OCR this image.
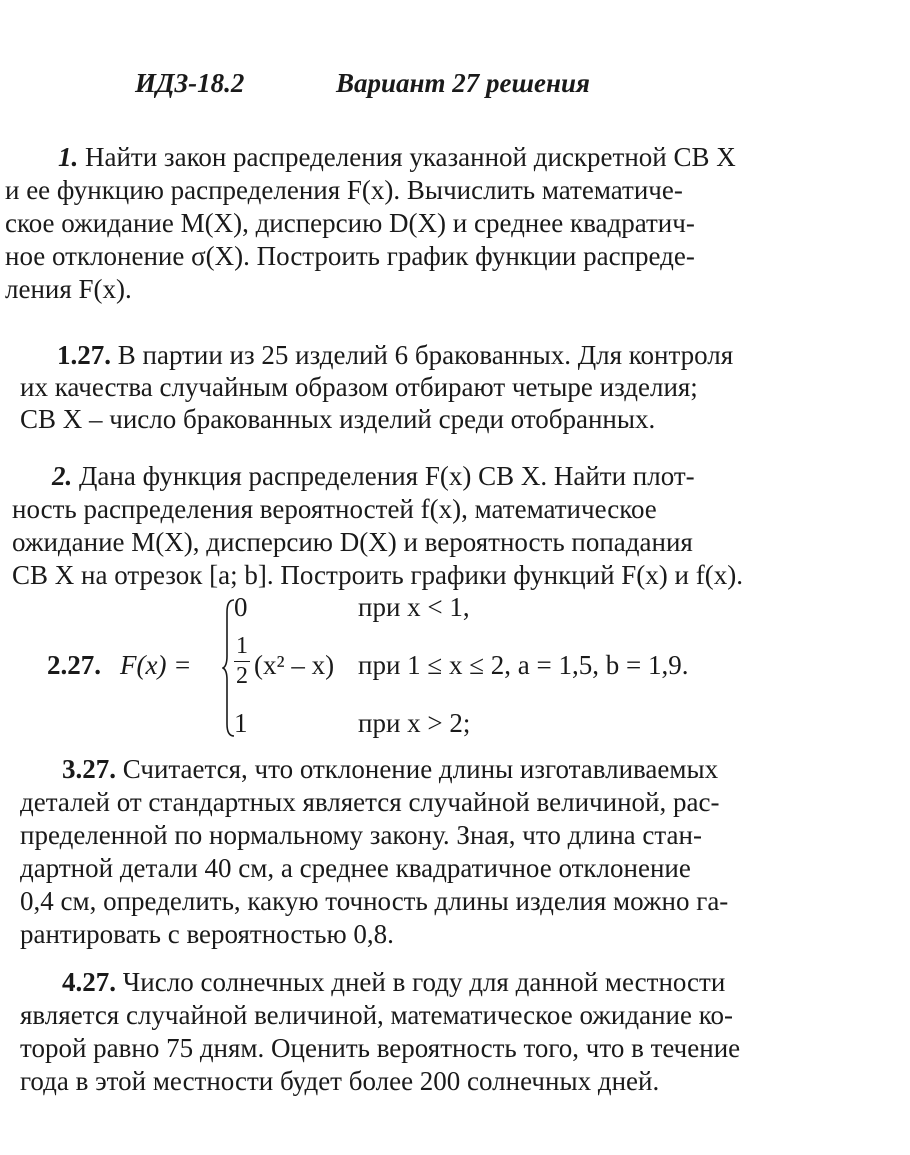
ИДЗ-18.2	Вариант 27 решения
1.
Найти закон распределения указанной дискретной СВ X
и ее функцию распределения F(x). Вычислить математиче-
ское ожидание M(X), дисперсию D(X) и среднее квадратич-
ное отклонение σ(X). Построить график функции распреде-
ления F(x).
1.27.
В партии из 25 изделий 6 бракованных. Для контроля
их качества случайным образом отбирают четыре изделия;
СВ X – число бракованных изделий среди отобранных.
2.
Дана функция распределения F(x) СВ X. Найти плот-
ность распределения вероятностей f(x), математическое
ожидание M(X), дисперсию D(X) и вероятность попадания
СВ X на отрезок [a; b]. Построить графики функций F(x) и f(x).
2.27. F(x) =
0	при x < 1,
$\frac{1}{2} (x^2 - x)$ при 1 ≤ x ≤ 2, a = 1,5, b = 1,9.
1	при x > 2;
3.27.
Считается, что отклонение длины изготавливаемых
деталей от стандартных является случайной величиной, рас-
пределенной по нормальному закону. Зная, что длина стан-
дартной детали 40 см, а среднее квадратичное отклонение
0,4 см, определить, какую точность длины изделия можно га-
рантировать с вероятностью 0,8.
4.27.
Число солнечных дней в году для данной местности
является случайной величиной, математическое ожидание ко-
торой равно 75 дням. Оценить вероятность того, что в течение
года в этой местности будет более 200 солнечных дней.
